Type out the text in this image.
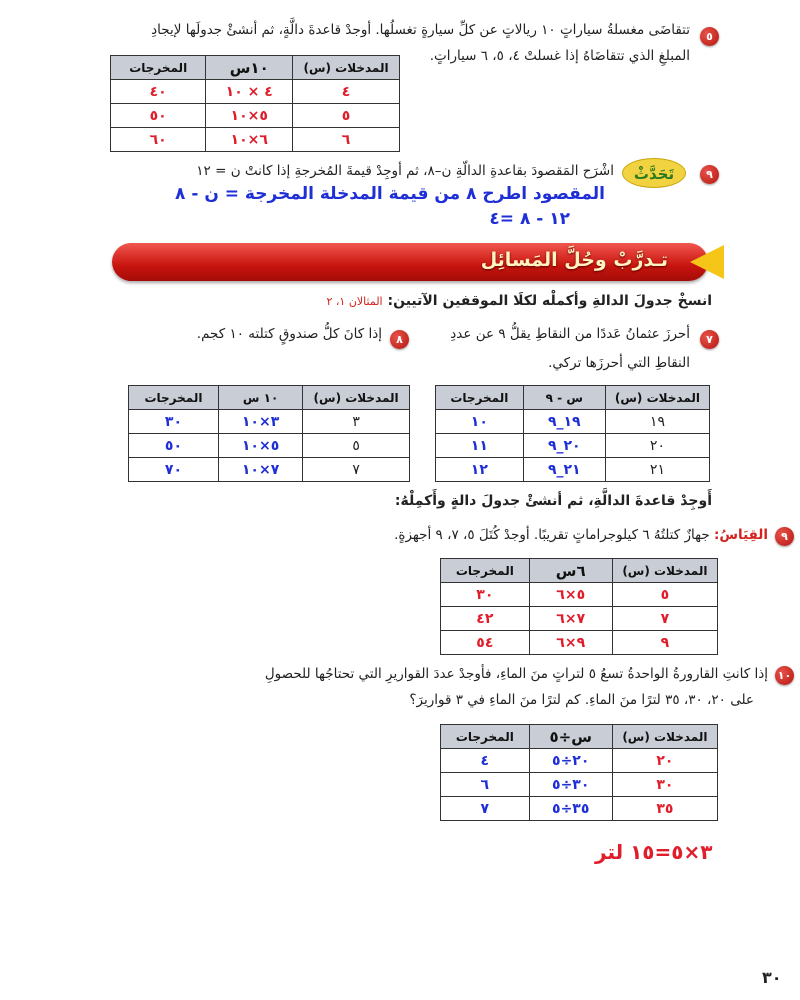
٥
تتقاضَى مغسلةُ سياراتٍ ١٠ ريالاتٍ عن كلِّ سيارةٍ تغسلُها. أوجدْ قاعدةَ دالَّةٍ، ثم أنشئْ جدولَها لإيجادِ
المبلغِ الذي تتقاضَاهُ إذا غسلتْ ٤، ٥، ٦ سياراتٍ.
المدخلات (س)	١٠س	المخرجات
٤	٤ × ١٠	٤٠
٥	٥×١٠	٥٠
٦	٦×١٠	٦٠
٩
تَحَدَّثْ
اشْرَح المَقصودَ بقاعدةِ الدالّةِ ن–٨، ثم أوجِدْ قيمةَ المُخرجةِ إذا كانتْ ن = ١٢
المقصود اطرح ٨ من قيمة المدخلة المخرجة = ن - ٨
١٢ - ٨ =٤
تـدرَّبْ وحُلَّ المَسائِل
انسخْ جدولَ الدالةِ وأكملْه لكلَا الموقفين الآتيين: المثالان ١، ٢
٧
أحرزَ عثمانُ عَددًا من النقاطِ يقلُّ ٩ عن عددِ
النقاطِ التي أحرزَها تركي.
٨
إذا كانَ كلُّ صندوقٍ كتلته ١٠ كجم.
المدخلات (س)	س - ٩	المخرجات
١٩	١٩_٩	١٠
٢٠	٢٠_٩	١١
٢١	٢١_٩	١٢
المدخلات (س)	١٠ س	المخرجات
٣	٣×١٠	٣٠
٥	٥×١٠	٥٠
٧	٧×١٠	٧٠
أَوجِدْ قاعدةَ الدالَّةِ، ثم أنشئْ جدولَ دالةٍ وأَكمِلْهُ:
٩
القِيَاسُ: جهازٌ كتلتُهُ ٦ كيلوجراماتٍ تقريبًا. أوجدْ كُتَلَ ٥، ٧، ٩ أجهزةٍ.
المدخلات (س)	٦س	المخرجات
٥	٥×٦	٣٠
٧	٧×٦	٤٢
٩	٩×٦	٥٤
١٠
إذا كانتِ القارورةُ الواحدةُ تسعُ ٥ لتراتٍ منَ الماءِ، فأوجدْ عددَ القواريرِ التي تحتاجُها للحصولِ
على ٢٠، ٣٠، ٣٥ لترًا منَ الماءِ. كم لترًا منَ الماءِ في ٣ قواريرَ؟
المدخلات (س)	س÷٥	المخرجات
٢٠	٢٠÷٥	٤
٣٠	٣٠÷٥	٦
٣٥	٣٥÷٥	٧
٣×٥=١٥ لتر
٣٠
